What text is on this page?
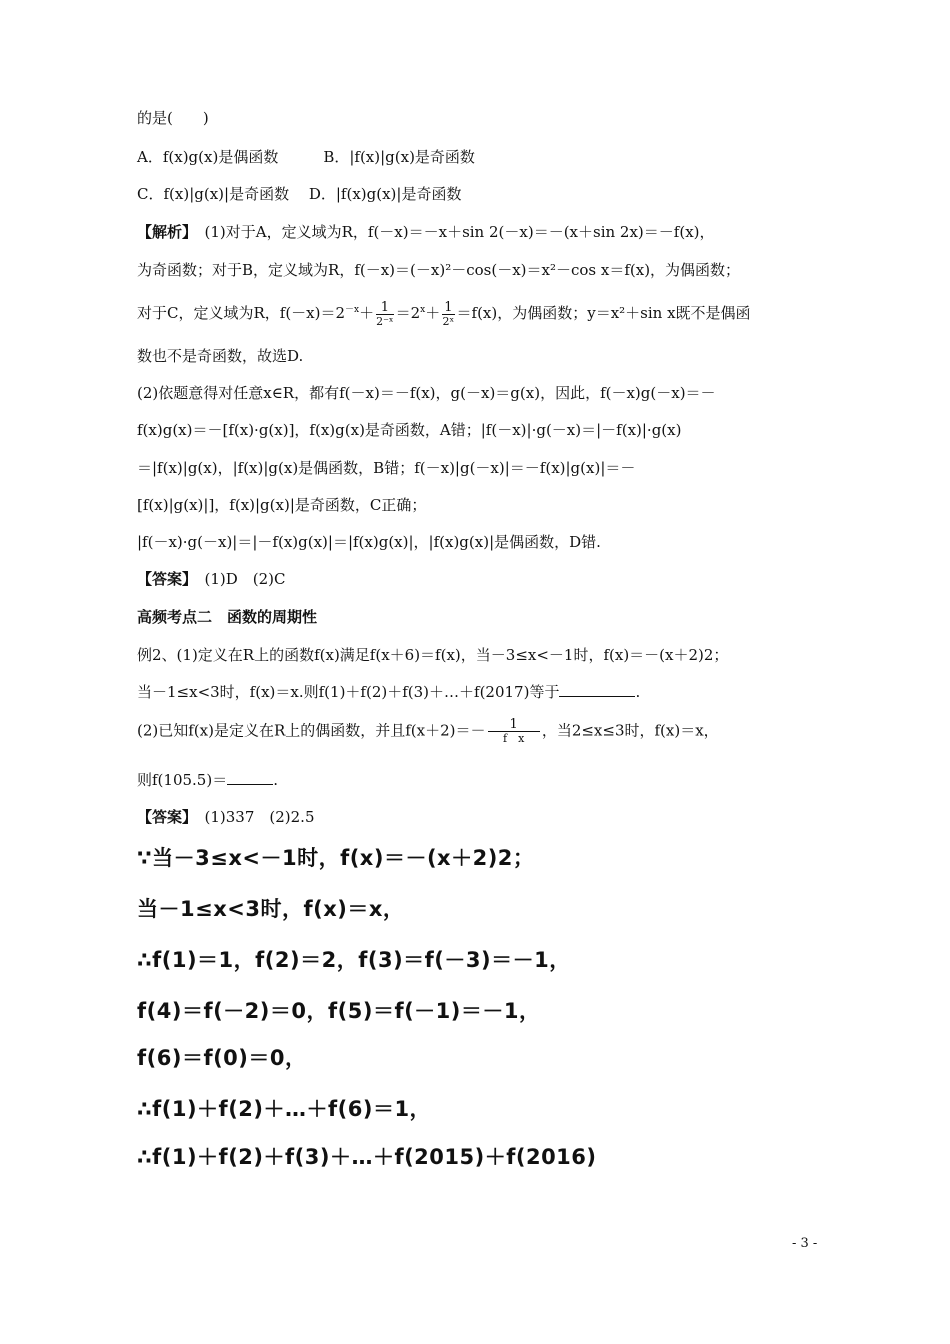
的是(　　)
A．f(x)g(x)是偶函数　　　B．|f(x)|g(x)是奇函数
C．f(x)|g(x)|是奇函数　 D．|f(x)g(x)|是奇函数
【解析】　(1)对于A，定义域为R，f(－x)＝－x＋sin 2(－x)＝－(x＋sin 2x)＝－f(x)，
为奇函数；对于B，定义域为R，f(－x)＝(－x)²－cos(－x)＝x²－cos x＝f(x)，为偶函数；
对于C，定义域为R，$f(-x)=2^{-x}+ \frac{1}{\text{2⁻ˣ}} =2^x+ \frac{1}{\text{2ˣ}} =f(x)$，为偶函数；y＝x²＋sin x既不是偶函
数也不是奇函数，故选D.
(2)依题意得对任意x∈R，都有f(－x)＝－f(x)，g(－x)＝g(x)，因此，f(－x)g(－x)＝－
f(x)g(x)＝－[f(x)·g(x)]，f(x)g(x)是奇函数，A错；|f(－x)|·g(－x)＝|－f(x)|·g(x)
＝|f(x)|g(x)，|f(x)|g(x)是偶函数，B错；f(－x)|g(－x)|＝－f(x)|g(x)|＝－
[f(x)|g(x)|]，f(x)|g(x)|是奇函数，C正确；
|f(－x)·g(－x)|＝|－f(x)g(x)|＝|f(x)g(x)|，|f(x)g(x)|是偶函数，D错.
【答案】　(1)D　(2)C
高频考点二　函数的周期性
例2、(1)定义在R上的函数f(x)满足f(x＋6)＝f(x)，当－3≤x<－1时，f(x)＝－(x＋2)2；
当－1≤x<3时，f(x)＝x.则f(1)＋f(2)＋f(3)＋…＋f(2017)等于	.
(2)已知f(x)是定义在R上的偶函数，并且$f(x+2)=- \frac{1}{\text{f　x}}$ ，当2≤x≤3时，f(x)＝x，
则f(105.5)＝	.
【答案】　(1)337　(2)2.5
∵当－3≤x<－1时，f(x)＝－(x＋2)2；
当－1≤x<3时，f(x)＝x，
∴f(1)＝1，f(2)＝2，f(3)＝f(－3)＝－1，
f(4)＝f(－2)＝0，f(5)＝f(－1)＝－1，
f(6)＝f(0)＝0，
∴f(1)＋f(2)＋…＋f(6)＝1，
∴f(1)＋f(2)＋f(3)＋…＋f(2015)＋f(2016)
- 3 -
